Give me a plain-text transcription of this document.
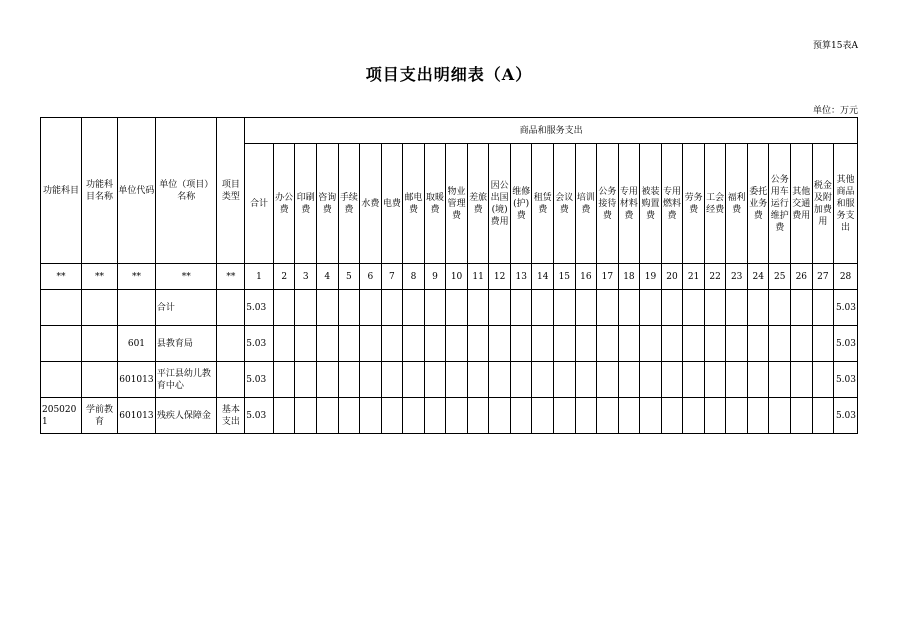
预算15表A
项目支出明细表（A）
单位：万元
功能科目	功能科目名称	单位代码	单位（项目）名称	项目类型	商品和服务支出																											
					合计	办公费	印刷费	咨询费	手续费	水费	电费	邮电费	取暖费	物业管理费	差旅费	因公出国(境)费用	维修(护)费	租赁费	会议费	培训费	公务接待费	专用材料费	被装购置费	专用燃料费	劳务费	工会经费	福利费	委托业务费	公务用车运行维护费	其他交通费用	税金及附加费用	其他商品和服务支出
**	**	**	**	**	1	2	3	4	5	6	7	8	9	10	11	12	13	14	15	16	17	18	19	20	21	22	23	24	25	26	27	28
			合计		5.03																											5.03
		601	县教育局		5.03																											5.03
		601013	平江县幼儿教育中心		5.03																											5.03
2050201	学前教育	601013	残疾人保障金	基本支出	5.03																											5.03
